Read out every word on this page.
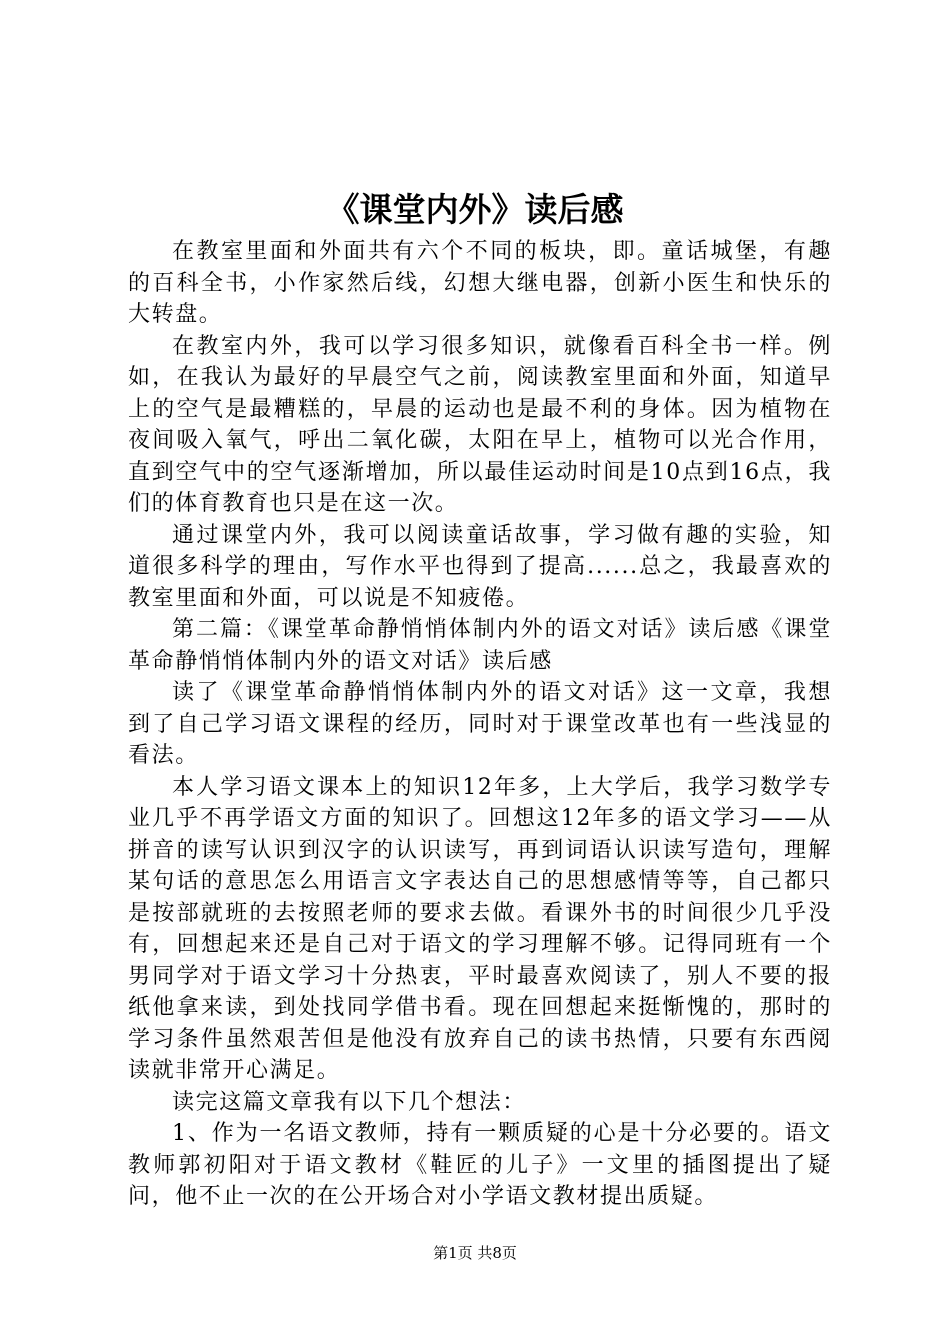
《课堂内外》读后感

在教室里面和外面共有六个不同的板块，即。童话城堡，有趣的百科全书，小作家然后线，幻想大继电器，创新小医生和快乐的大转盘。

在教室内外，我可以学习很多知识，就像看百科全书一样。例如，在我认为最好的早晨空气之前，阅读教室里面和外面，知道早上的空气是最糟糕的，早晨的运动也是最不利的身体。因为植物在夜间吸入氧气，呼出二氧化碳，太阳在早上，植物可以光合作用，直到空气中的空气逐渐增加，所以最佳运动时间是10点到16点，我们的体育教育也只是在这一次。

通过课堂内外，我可以阅读童话故事，学习做有趣的实验，知道很多科学的理由，写作水平也得到了提高......总之，我最喜欢的教室里面和外面，可以说是不知疲倦。

第二篇：《课堂革命静悄悄体制内外的语文对话》读后感《课堂革命静悄悄体制内外的语文对话》读后感

读了《课堂革命静悄悄体制内外的语文对话》这一文章，我想到了自己学习语文课程的经历，同时对于课堂改革也有一些浅显的看法。

本人学习语文课本上的知识12年多，上大学后，我学习数学专业几乎不再学语文方面的知识了。回想这12年多的语文学习——从拼音的读写认识到汉字的认识读写，再到词语认识读写造句，理解某句话的意思怎么用语言文字表达自己的思想感情等等，自己都只是按部就班的去按照老师的要求去做。看课外书的时间很少几乎没有，回想起来还是自己对于语文的学习理解不够。记得同班有一个男同学对于语文学习十分热衷，平时最喜欢阅读了，别人不要的报纸他拿来读，到处找同学借书看。现在回想起来挺惭愧的，那时的学习条件虽然艰苦但是他没有放弃自己的读书热情，只要有东西阅读就非常开心满足。

读完这篇文章我有以下几个想法：

1、作为一名语文教师，持有一颗质疑的心是十分必要的。语文教师郭初阳对于语文教材《鞋匠的儿子》一文里的插图提出了疑问，他不止一次的在公开场合对小学语文教材提出质疑。

第1页 共8页
